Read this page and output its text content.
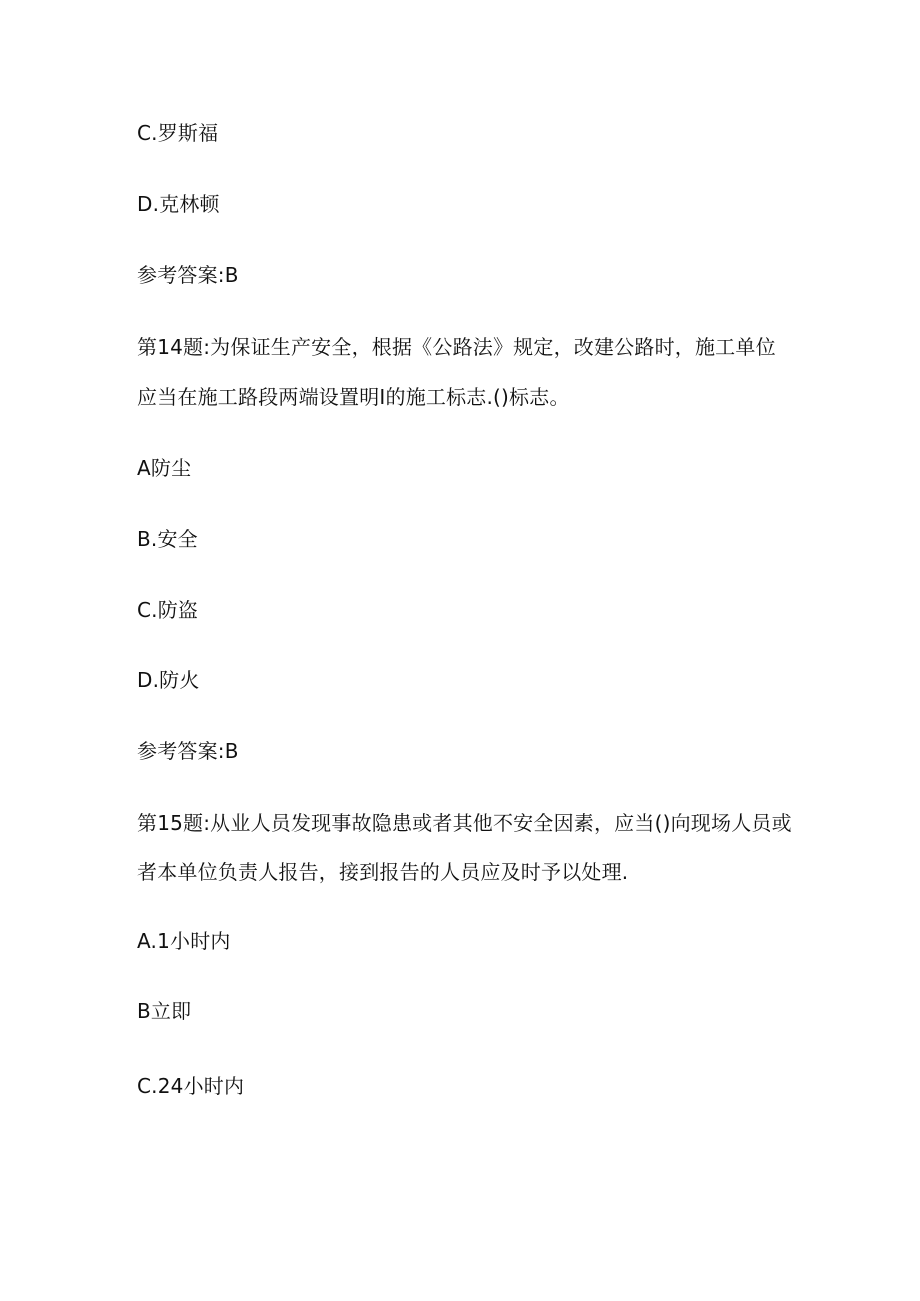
C.罗斯福
D.克林顿
参考答案:B
第14题:为保证生产安全，根据《公路法》规定，改建公路时，施工单位
应当在施工路段两端设置明I的施工标志.()标志。
A防尘
B.安全
C.防盗
D.防火
参考答案:B
第15题:从业人员发现事故隐患或者其他不安全因素，应当()向现场人员或
者本单位负责人报告，接到报告的人员应及时予以处理.
A.1小时内
B立即
C.24小时内
